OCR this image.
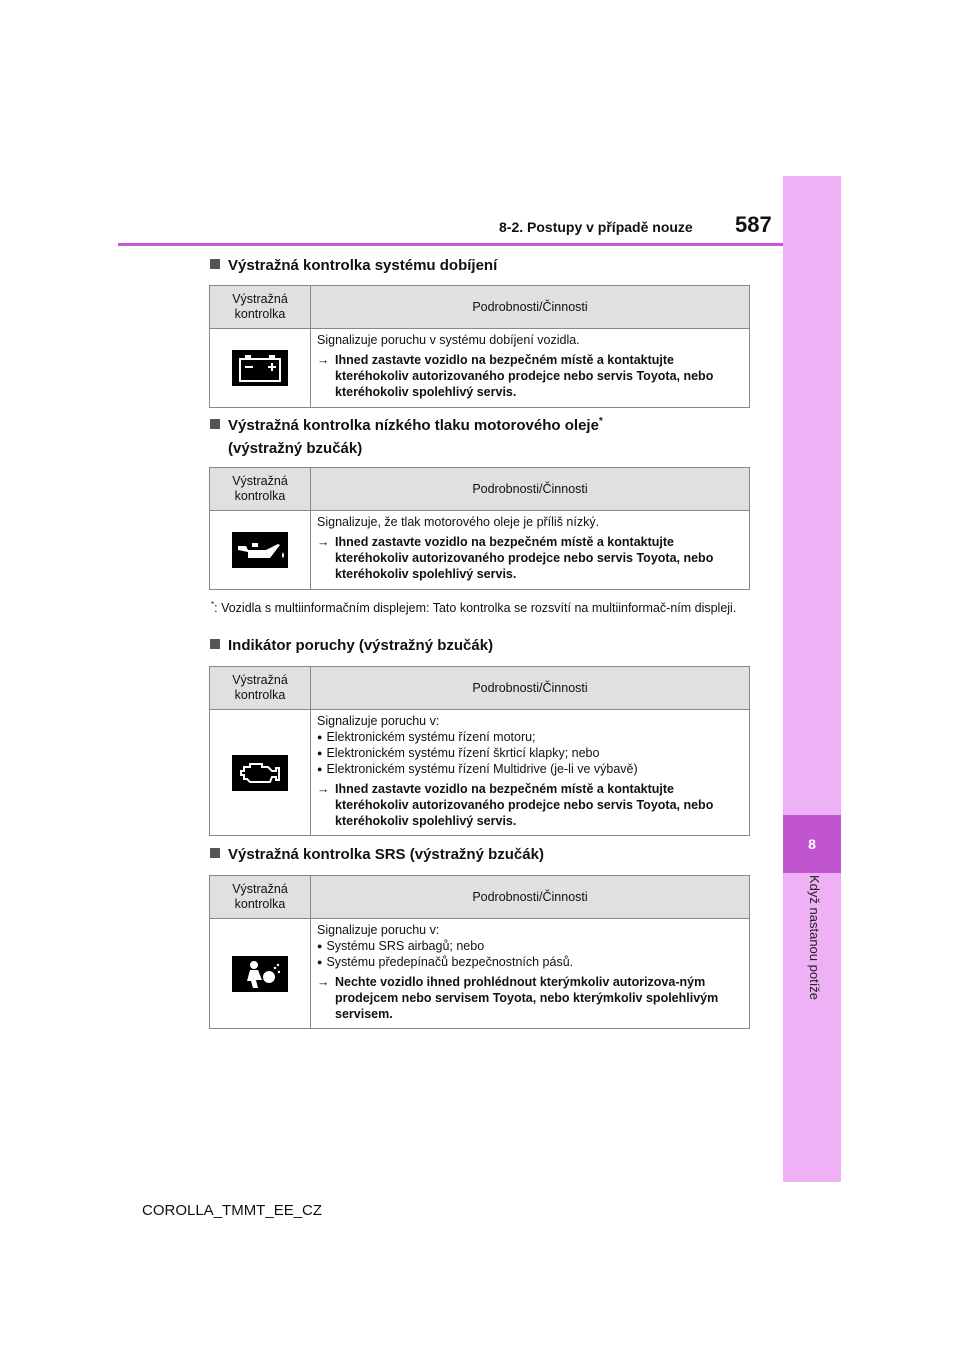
8
Když nastanou potíže
8-2. Postupy v případě nouze 587
Výstražná kontrolka systému dobíjení
Výstražná kontrolka	Podrobnosti/Činnosti

Signalizuje poruchu v systému dobíjení vozidla.
→ Ihned zastavte vozidlo na bezpečném místě a kontaktujte kteréhokoliv autorizovaného prodejce nebo servis Toyota, nebo kteréhokoliv spolehlivý servis.
Výstražná kontrolka nízkého tlaku motorového oleje*
(výstražný bzučák)
Výstražná kontrolka	Podrobnosti/Činnosti

Signalizuje, že tlak motorového oleje je příliš nízký.
→ Ihned zastavte vozidlo na bezpečném místě a kontaktujte kteréhokoliv autorizovaného prodejce nebo servis Toyota, nebo kteréhokoliv spolehlivý servis.
*: Vozidla s multiinformačním displejem: Tato kontrolka se rozsvítí na multiinformač-ním displeji.
Indikátor poruchy (výstražný bzučák)
Výstražná kontrolka	Podrobnosti/Činnosti

Signalizuje poruchu v:
● Elektronickém systému řízení motoru;
● Elektronickém systému řízení škrticí klapky; nebo
● Elektronickém systému řízení Multidrive (je-li ve výbavě)
→ Ihned zastavte vozidlo na bezpečném místě a kontaktujte kteréhokoliv autorizovaného prodejce nebo servis Toyota, nebo kteréhokoliv spolehlivý servis.
Výstražná kontrolka SRS (výstražný bzučák)
Výstražná kontrolka	Podrobnosti/Činnosti

Signalizuje poruchu v:
● Systému SRS airbagů; nebo
● Systému předepínačů bezpečnostních pásů.
→ Nechte vozidlo ihned prohlédnout kterýmkoliv autorizova-ným prodejcem nebo servisem Toyota, nebo kterýmkoliv spolehlivým servisem.
COROLLA_TMMT_EE_CZ
